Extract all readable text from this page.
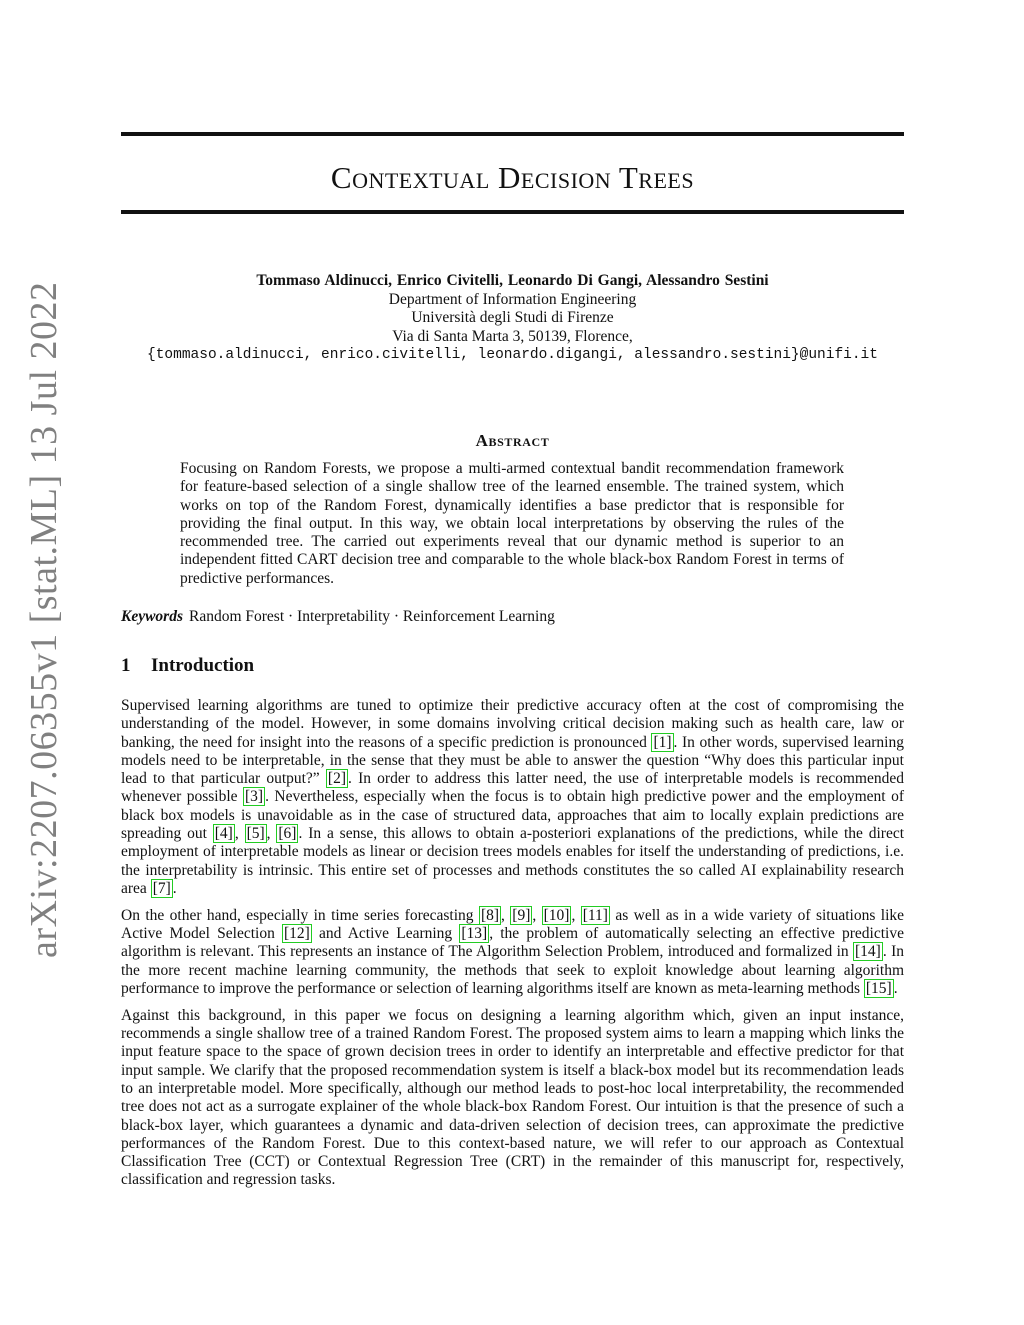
arXiv:2207.06355v1 [stat.ML] 13 Jul 2022
Contextual Decision Trees
Tommaso Aldinucci, Enrico Civitelli, Leonardo Di Gangi, Alessandro Sestini
Department of Information Engineering
Università degli Studi di Firenze
Via di Santa Marta 3, 50139, Florence,
{tommaso.aldinucci, enrico.civitelli, leonardo.digangi, alessandro.sestini}@unifi.it
Abstract
Focusing on Random Forests, we propose a multi-armed contextual bandit recommendation framework for feature-based selection of a single shallow tree of the learned ensemble. The trained system, which works on top of the Random Forest, dynamically identifies a base predictor that is responsible for providing the final output. In this way, we obtain local interpretations by observing the rules of the recommended tree. The carried out experiments reveal that our dynamic method is superior to an independent fitted CART decision tree and comparable to the whole black-box Random Forest in terms of predictive performances.
Keywords Random Forest · Interpretability · Reinforcement Learning
1 Introduction

Supervised learning algorithms are tuned to optimize their predictive accuracy often at the cost of compromising the understanding of the model. However, in some domains involving critical decision making such as health care, law or banking, the need for insight into the reasons of a specific prediction is pronounced [1] . In other words, supervised learning models need to be interpretable, in the sense that they must be able to answer the question “Why does this particular input lead to that particular output?” [2] . In order to address this latter need, the use of interpretable models is recommended whenever possible [3] . Nevertheless, especially when the focus is to obtain high predictive power and the employment of black box models is unavoidable as in the case of structured data, approaches that aim to locally explain predictions are spreading out [4] , [5] , [6] . In a sense, this allows to obtain a-posteriori explanations of the predictions, while the direct employment of interpretable models as linear or decision trees models enables for itself the understanding of predictions, i.e. the interpretability is intrinsic. This entire set of processes and methods constitutes the so called AI explainability research area [7] .

On the other hand, especially in time series forecasting [8] , [9] , [10] , [11] as well as in a wide variety of situations like Active Model Selection [12] and Active Learning [13] , the problem of automatically selecting an effective predictive algorithm is relevant. This represents an instance of The Algorithm Selection Problem, introduced and formalized in [14] . In the more recent machine learning community, the methods that seek to exploit knowledge about learning algorithm performance to improve the performance or selection of learning algorithms itself are known as meta-learning methods [15] .

Against this background, in this paper we focus on designing a learning algorithm which, given an input instance, recommends a single shallow tree of a trained Random Forest. The proposed system aims to learn a mapping which links the input feature space to the space of grown decision trees in order to identify an interpretable and effective predictor for that input sample. We clarify that the proposed recommendation system is itself a black-box model but its recommendation leads to an interpretable model. More specifically, although our method leads to post-hoc local interpretability, the recommended tree does not act as a surrogate explainer of the whole black-box Random Forest. Our intuition is that the presence of such a black-box layer, which guarantees a dynamic and data-driven selection of decision trees, can approximate the predictive performances of the Random Forest. Due to this context-based nature, we will refer to our approach as Contextual Classification Tree (CCT) or Contextual Regression Tree (CRT) in the remainder of this manuscript for, respectively, classification and regression tasks.
